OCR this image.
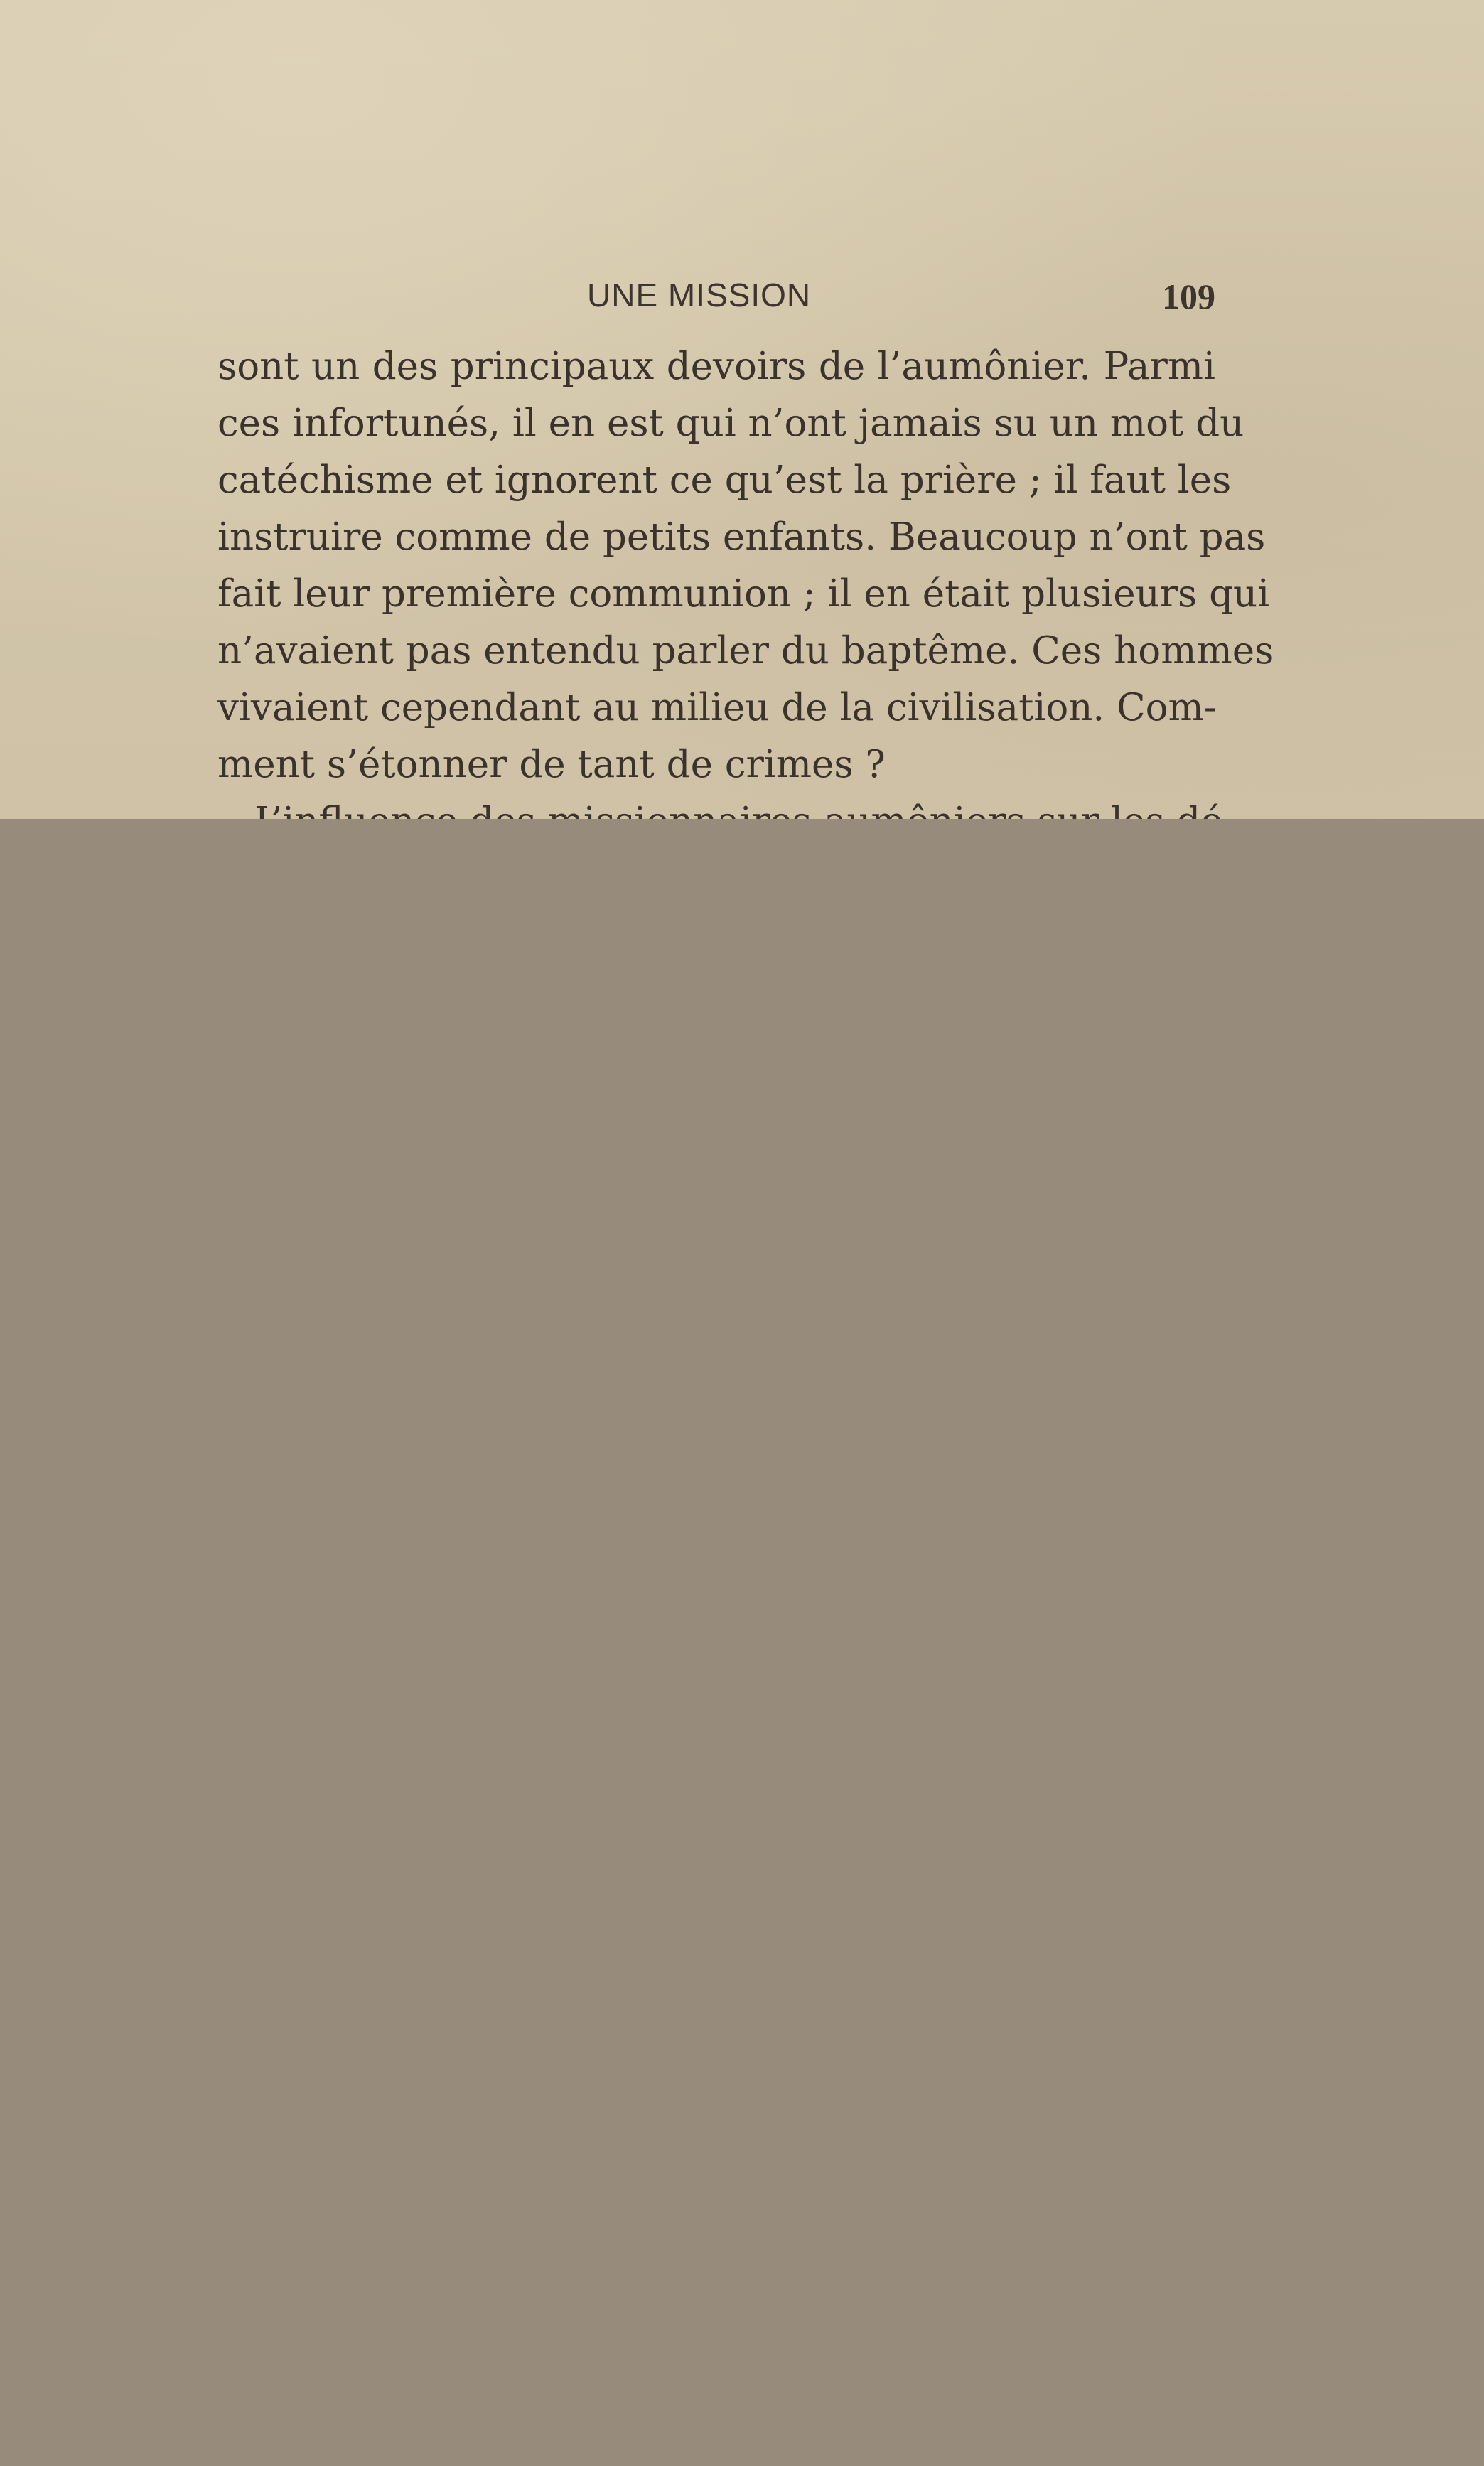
UNE MISSION	109
sont un des principaux devoirs de l’aumônier. Parmi
ces infortunés, il en est qui n’ont jamais su un mot du
catéchisme et ignorent ce qu’est la prière ; il faut les
instruire comme de petits enfants. Beaucoup n’ont pas
fait leur première communion ; il en était plusieurs qui
n’avaient pas entendu parler du baptême. Ces hommes
vivaient cependant au milieu de la civilisation. Com-
ment s’étonner de tant de crimes ?
